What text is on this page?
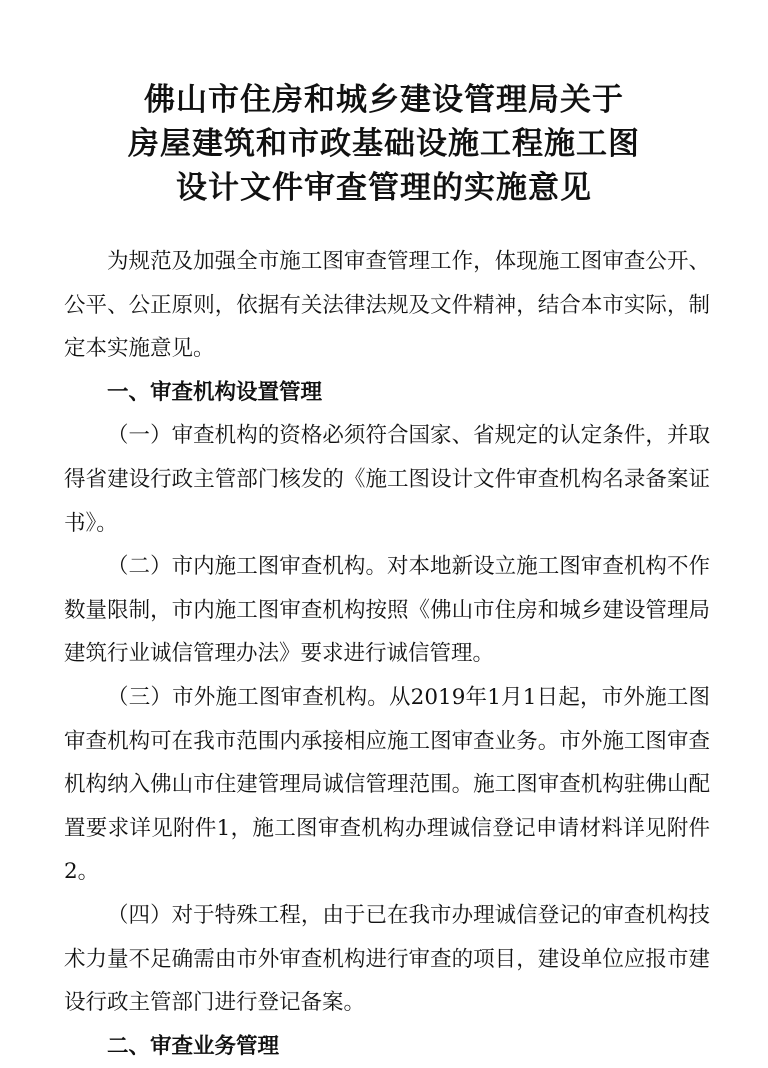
佛山市住房和城乡建设管理局关于
房屋建筑和市政基础设施工程施工图
设计文件审查管理的实施意见

为规范及加强全市施工图审查管理工作，体现施工图审查公开、公平、公正原则，依据有关法律法规及文件精神，结合本市实际，制定本实施意见。

一、审查机构设置管理

（一）审查机构的资格必须符合国家、省规定的认定条件，并取得省建设行政主管部门核发的《施工图设计文件审查机构名录备案证书》。

（二）市内施工图审查机构。对本地新设立施工图审查机构不作数量限制，市内施工图审查机构按照《佛山市住房和城乡建设管理局建筑行业诚信管理办法》要求进行诚信管理。

（三）市外施工图审查机构。从2019年1月1日起，市外施工图审查机构可在我市范围内承接相应施工图审查业务。市外施工图审查机构纳入佛山市住建管理局诚信管理范围。施工图审查机构驻佛山配置要求详见附件1，施工图审查机构办理诚信登记申请材料详见附件2。

（四）对于特殊工程，由于已在我市办理诚信登记的审查机构技术力量不足确需由市外审查机构进行审查的项目，建设单位应报市建设行政主管部门进行登记备案。

二、审查业务管理
